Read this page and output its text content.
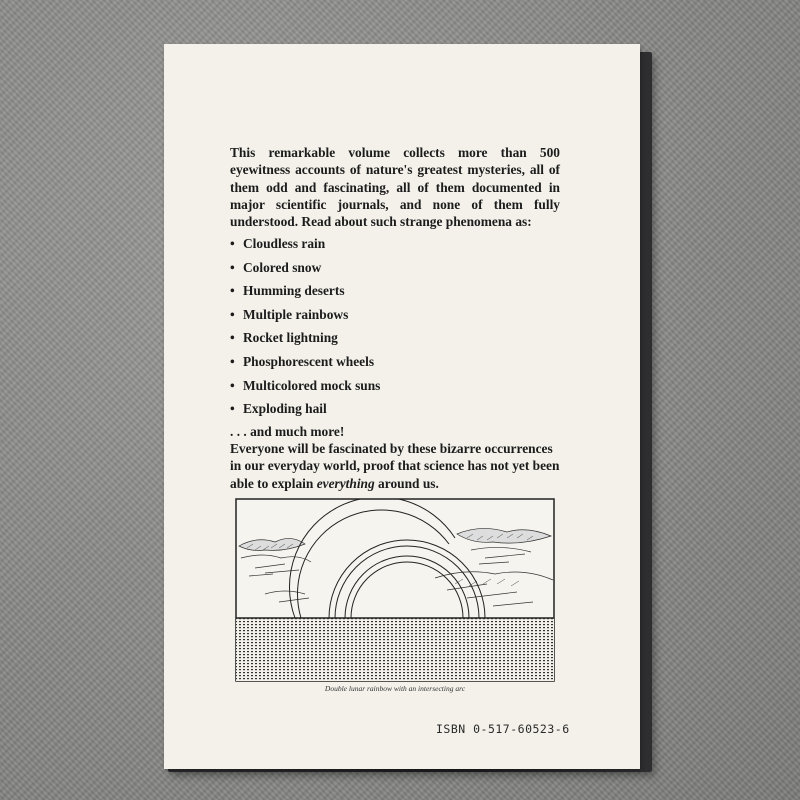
This remarkable volume collects more than 500 eyewitness accounts of nature's greatest mysteries, all of them odd and fascinating, all of them documented in major scientific journals, and none of them fully understood. Read about such strange phenomena as:

• Cloudless rain
• Colored snow
• Humming deserts
• Multiple rainbows
• Rocket lightning
• Phosphorescent wheels
• Multicolored mock suns
• Exploding hail
. . . and much more!

Everyone will be fascinated by these bizarre occurrences in our everyday world, proof that science has not yet been able to explain everything around us.

Double lunar rainbow with an intersecting arc
ISBN 0-517-60523-6
